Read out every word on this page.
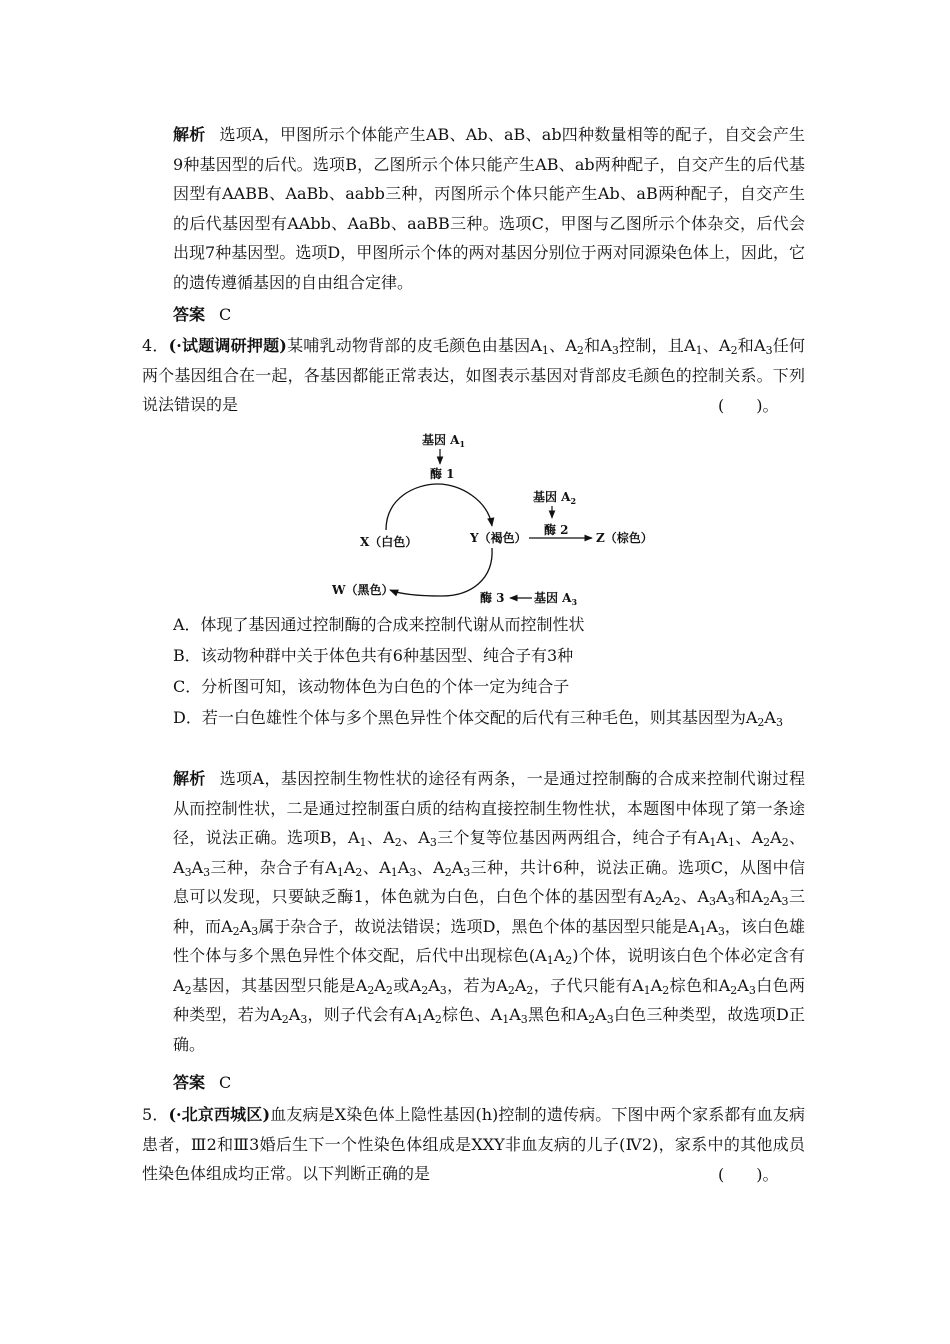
解析 选项A，甲图所示个体能产生AB、Ab、aB、ab四种数量相等的配子，自交会产生9种基因型的后代。选项B，乙图所示个体只能产生AB、ab两种配子，自交产生的后代基因型有AABB、AaBb、aabb三种，丙图所示个体只能产生Ab、aB两种配子，自交产生的后代基因型有AAbb、AaBb、aaBB三种。选项C，甲图与乙图所示个体杂交，后代会出现7种基因型。选项D，甲图所示个体的两对基因分别位于两对同源染色体上，因此，它的遗传遵循基因的自由组合定律。
答案 C
4．(·试题调研押题)某哺乳动物背部的皮毛颜色由基因$A_1$、$A_2$和$A_3$控制，且$A_1$、$A_2$和$A_3$任何两个基因组合在一起，各基因都能正常表达，如图表示基因对背部皮毛颜色的控制关系。下列说法错误的是	(　　)。
基因 $A_1$
酶 1
X（白色）	Y（褐色）
基因 $A_2$
酶 2
Z（棕色）
W（黑色）
酶 3 基因 $A_3$
A．体现了基因通过控制酶的合成来控制代谢从而控制性状
B．该动物种群中关于体色共有6种基因型、纯合子有3种
C．分析图可知，该动物体色为白色的个体一定为纯合子
D．若一白色雄性个体与多个黑色异性个体交配的后代有三种毛色，则其基因型为$A_2A_3$
解析 选项A，基因控制生物性状的途径有两条，一是通过控制酶的合成来控制代谢过程从而控制性状，二是通过控制蛋白质的结构直接控制生物性状，本题图中体现了第一条途径，说法正确。选项B，$A_1$、$A_2$、$A_3$三个复等位基因两两组合，纯合子有$A_1A_1$、$A_2A_2$、$A_3A_3$三种，杂合子有$A_1A_2$、$A_1A_3$、$A_2A_3$三种，共计6种，说法正确。选项C，从图中信息可以发现，只要缺乏酶1，体色就为白色，白色个体的基因型有$A_2A_2$、$A_3A_3$和$A_2A_3$三种，而$A_2A_3$属于杂合子，故说法错误；选项D，黑色个体的基因型只能是$A_1A_3$，该白色雄性个体与多个黑色异性个体交配，后代中出现棕色$(A_1A_2)$个体，说明该白色个体必定含有$A_2$基因，其基因型只能是$A_2A_2$或$A_2A_3$，若为$A_2A_2$，子代只能有$A_1A_2$棕色和$A_2A_3$白色两种类型，若为$A_2A_3$，则子代会有$A_1A_2$棕色、$A_1A_3$黑色和$A_2A_3$白色三种类型，故选项D正确。
答案 C
5．(·北京西城区)血友病是X染色体上隐性基因(h)控制的遗传病。下图中两个家系都有血友病患者，Ⅲ2和Ⅲ3婚后生下一个性染色体组成是XXY非血友病的儿子(Ⅳ2)，家系中的其他成员性染色体组成均正常。以下判断正确的是	(　　)。
